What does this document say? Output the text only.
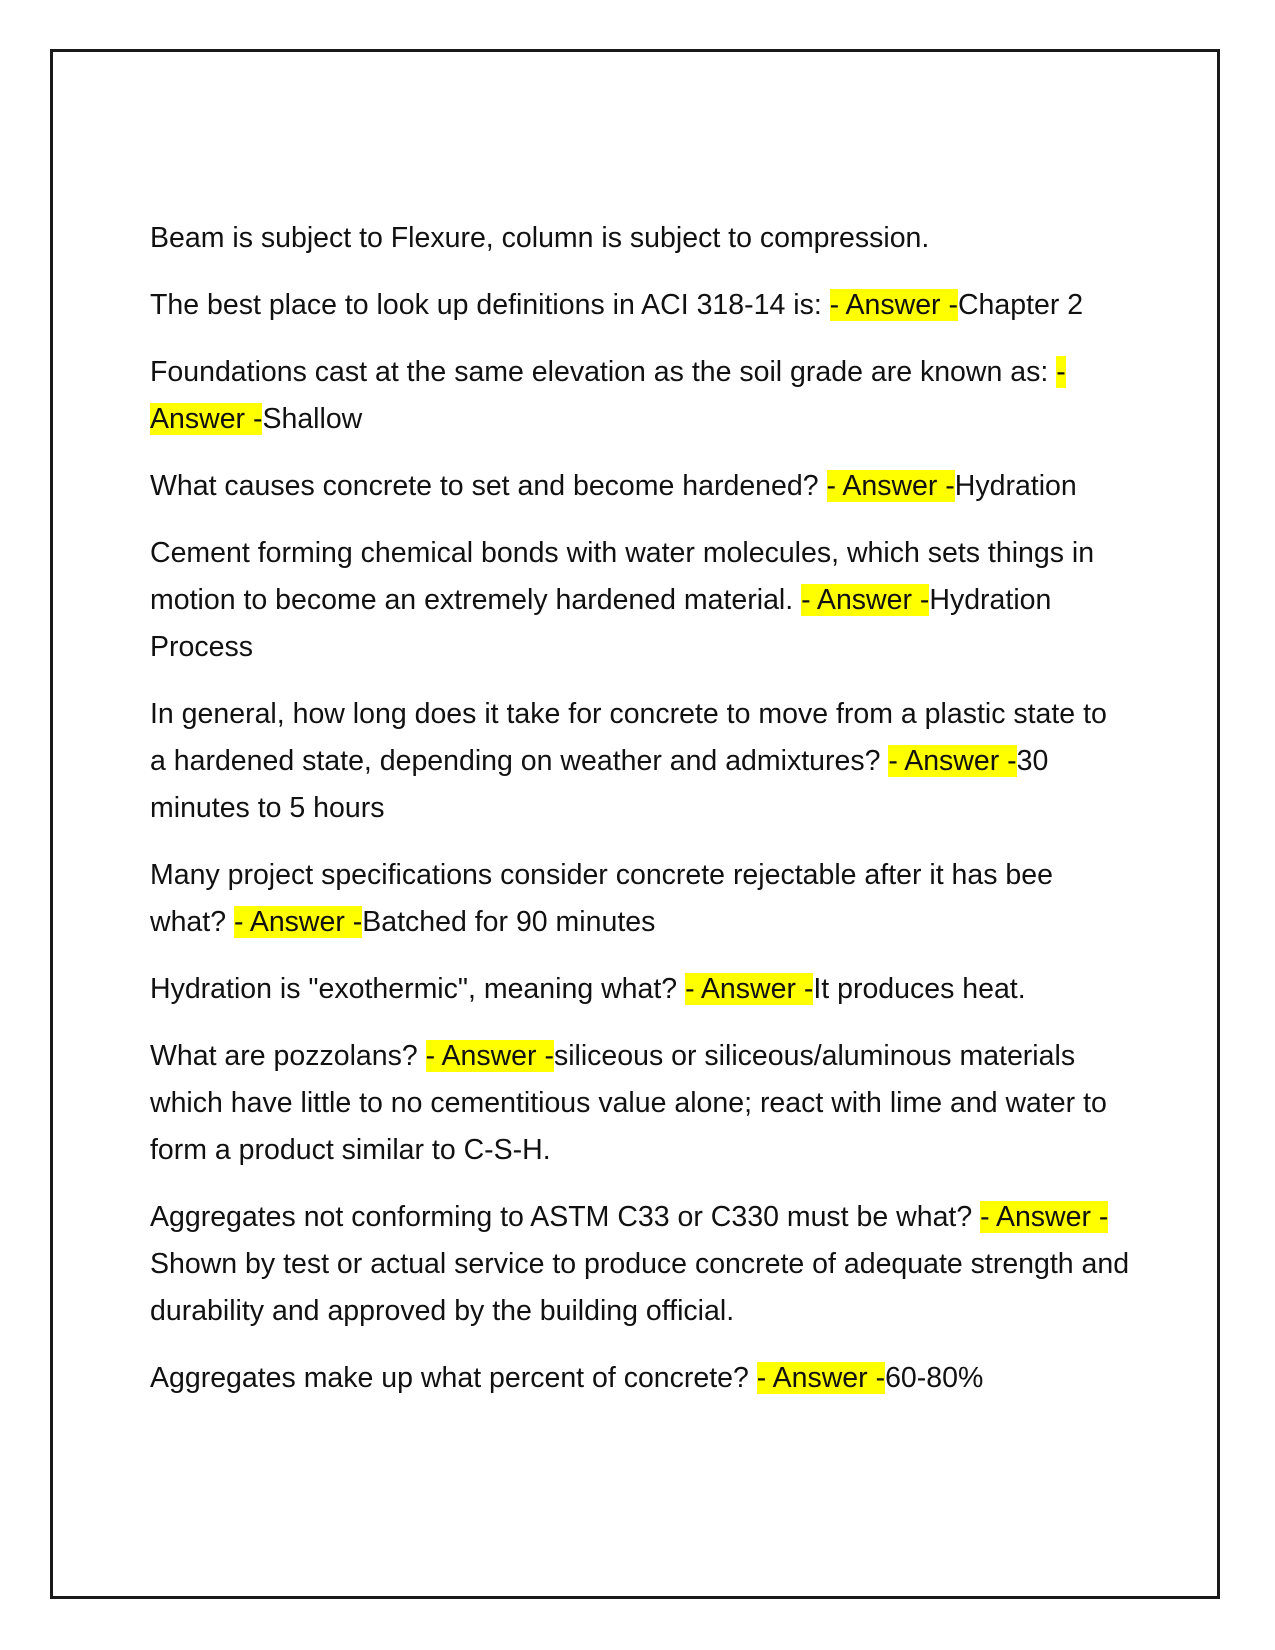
Beam is subject to Flexure, column is subject to compression.

The best place to look up definitions in ACI 318-14 is: - Answer -Chapter 2

Foundations cast at the same elevation as the soil grade are known as: - Answer -Shallow

What causes concrete to set and become hardened? - Answer -Hydration

Cement forming chemical bonds with water molecules, which sets things in motion to become an extremely hardened material. - Answer -Hydration Process

In general, how long does it take for concrete to move from a plastic state to a hardened state, depending on weather and admixtures? - Answer -30 minutes to 5 hours

Many project specifications consider concrete rejectable after it has bee what? - Answer -Batched for 90 minutes

Hydration is "exothermic", meaning what? - Answer -It produces heat.

What are pozzolans? - Answer -siliceous or siliceous/aluminous materials which have little to no cementitious value alone; react with lime and water to form a product similar to C-S-H.

Aggregates not conforming to ASTM C33 or C330 must be what? - Answer -Shown by test or actual service to produce concrete of adequate strength and durability and approved by the building official.

Aggregates make up what percent of concrete? - Answer -60-80%
